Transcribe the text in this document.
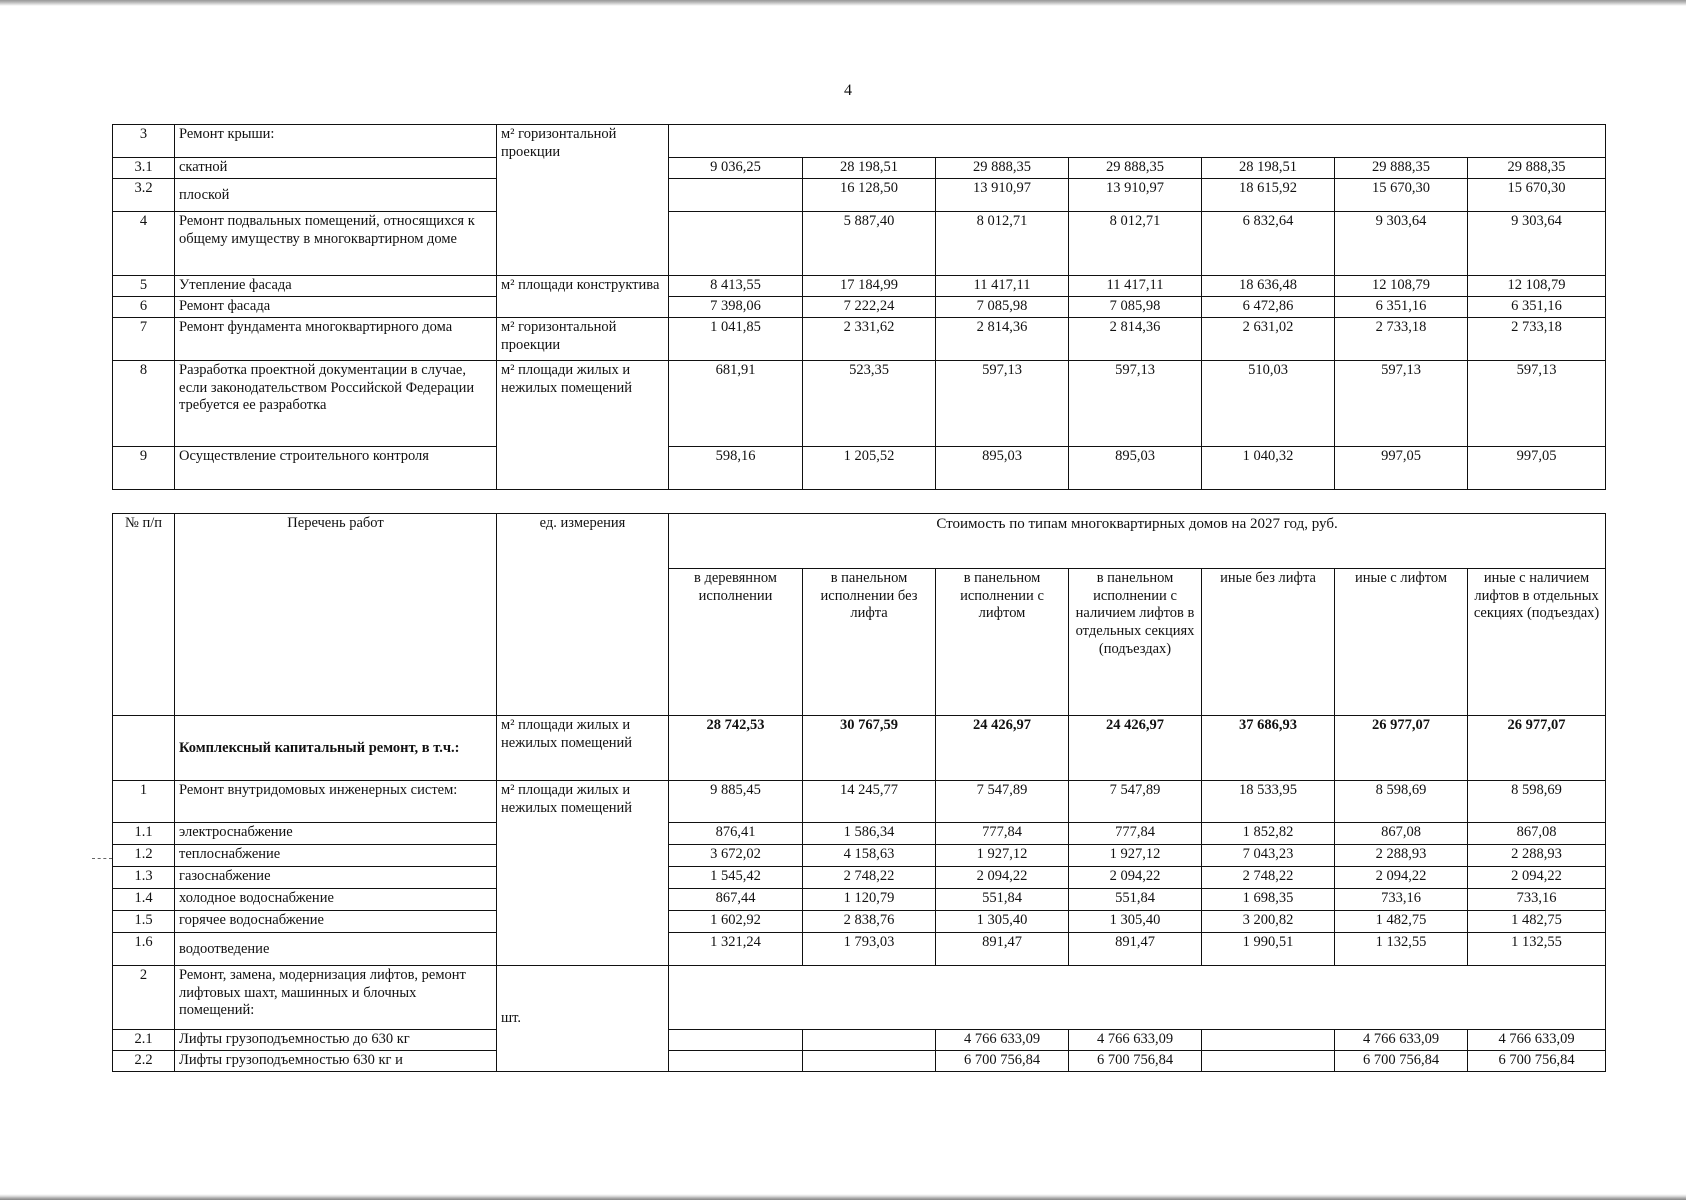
4
3	Ремонт крыши:	м² горизонтальной проекции							
3.1	скатной		9 036,25	28 198,51	29 888,35	29 888,35	28 198,51	29 888,35	29 888,35
3.2	плоской			16 128,50	13 910,97	13 910,97	18 615,92	15 670,30	15 670,30
4	Ремонт подвальных помещений, относящихся к общему имуществу в многоквартирном доме			5 887,40	8 012,71	8 012,71	6 832,64	9 303,64	9 303,64
5	Утепление фасада	м² площади конструктива	8 413,55	17 184,99	11 417,11	11 417,11	18 636,48	12 108,79	12 108,79
6	Ремонт фасада		7 398,06	7 222,24	7 085,98	7 085,98	6 472,86	6 351,16	6 351,16
7	Ремонт фундамента многоквартирного дома	м² горизонтальной проекции	1 041,85	2 331,62	2 814,36	2 814,36	2 631,02	2 733,18	2 733,18
8	Разработка проектной документации в случае, если законодательством Российской Федерации требуется ее разработка	м² площади жилых и нежилых помещений	681,91	523,35	597,13	597,13	510,03	597,13	597,13
9	Осуществление строительного контроля		598,16	1 205,52	895,03	895,03	1 040,32	997,05	997,05
№ п/п	Перечень работ	ед. измерения	Стоимость по типам многоквартирных домов на 2027 год, руб.						
			в деревянном исполнении	в панельном исполнении без лифта	в панельном исполнении с лифтом	в панельном исполнении с наличием лифтов в отдельных секциях (подъездах)	иные без лифта	иные с лифтом	иные с наличием лифтов в отдельных секциях (подъездах)
	Комплексный капитальный ремонт, в т.ч.:	м² площади жилых и нежилых помещений	28 742,53	30 767,59	24 426,97	24 426,97	37 686,93	26 977,07	26 977,07
1	Ремонт внутридомовых инженерных систем:	м² площади жилых и нежилых помещений	9 885,45	14 245,77	7 547,89	7 547,89	18 533,95	8 598,69	8 598,69
1.1	электроснабжение		876,41	1 586,34	777,84	777,84	1 852,82	867,08	867,08
1.2	теплоснабжение		3 672,02	4 158,63	1 927,12	1 927,12	7 043,23	2 288,93	2 288,93
1.3	газоснабжение		1 545,42	2 748,22	2 094,22	2 094,22	2 748,22	2 094,22	2 094,22
1.4	холодное водоснабжение		867,44	1 120,79	551,84	551,84	1 698,35	733,16	733,16
1.5	горячее водоснабжение		1 602,92	2 838,76	1 305,40	1 305,40	3 200,82	1 482,75	1 482,75
1.6	водоотведение		1 321,24	1 793,03	891,47	891,47	1 990,51	1 132,55	1 132,55
2	Ремонт, замена, модернизация лифтов, ремонт лифтовых шахт, машинных и блочных помещений:	шт.							
2.1	Лифты грузоподъемностью до 630 кг				4 766 633,09	4 766 633,09		4 766 633,09	4 766 633,09
2.2	Лифты грузоподъемностью 630 кг и				6 700 756,84	6 700 756,84		6 700 756,84	6 700 756,84
